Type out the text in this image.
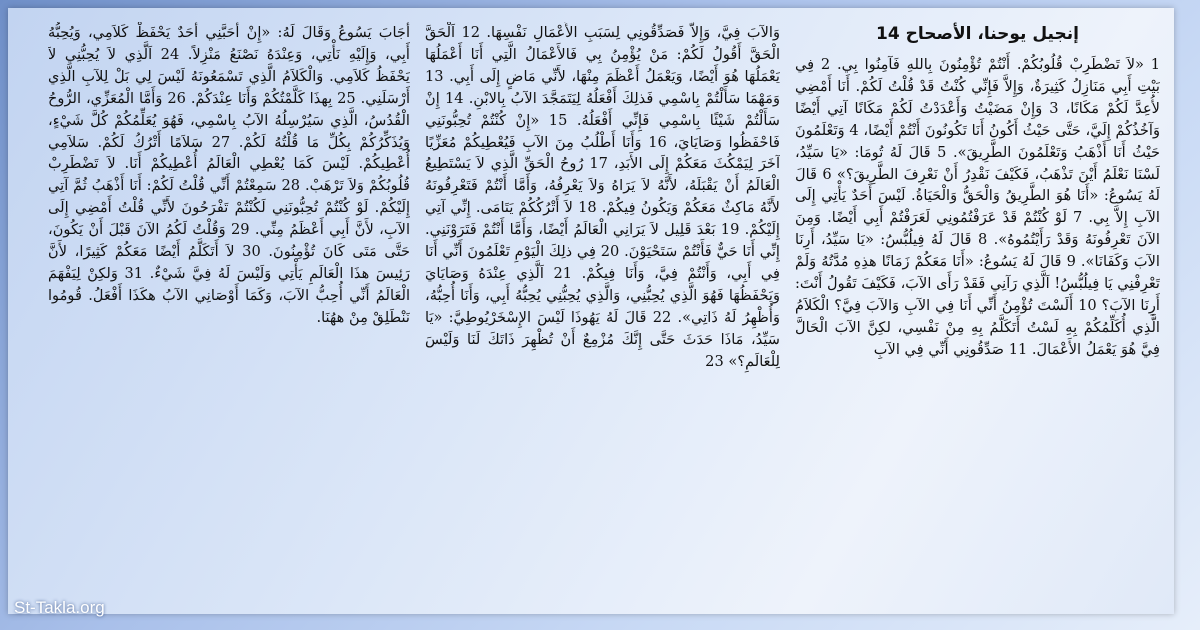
إنجيل يوحنا، الأصحاح 14
1 «لاَ تَضْطَرِبْ قُلُوبُكُمْ. أَنْتُمْ تُؤْمِنُونَ بِاللهِ فَآمِنُوا بِي. 2 فِي بَيْتِ أَبِي مَنَازِلُ كَثِيرَةٌ، وَإِلاَّ فَإِنِّي كُنْتُ قَدْ قُلْتُ لَكُمْ. أَنَا أَمْضِي لأُعِدَّ لَكُمْ مَكَانًا، 3 وَإِنْ مَضَيْتُ وَأَعْدَدْتُ لَكُمْ مَكَانًا آتِي أَيْضًا وَآخُذُكُمْ إِلَيَّ، حَتَّى حَيْثُ أَكُونُ أَنَا تَكُونُونَ أَنْتُمْ أَيْضًا، 4 وَتَعْلَمُونَ حَيْثُ أَنَا أَذْهَبُ وَتَعْلَمُونَ الطَّرِيقَ». 5 قَالَ لَهُ تُومَا: «يَا سَيِّدُ، لَسْنَا نَعْلَمُ أَيْنَ تَذْهَبُ، فَكَيْفَ نَقْدِرُ أَنْ نَعْرِفَ الطَّرِيقَ؟» 6 قَالَ لَهُ يَسُوعُ: «أَنَا هُوَ الطَّرِيقُ وَالْحَقُّ وَالْحَيَاةُ. لَيْسَ أَحَدٌ يَأْتِي إِلَى الآبِ إِلاَّ بِي. 7 لَوْ كُنْتُمْ قَدْ عَرَفْتُمُونِي لَعَرَفْتُمْ أَبِي أَيْضًا. وَمِنَ الآنَ تَعْرِفُونَهُ وَقَدْ رَأَيْتُمُوهُ». 8 قَالَ لَهُ فِيلُبُّسُ: «يَا سَيِّدُ، أَرِنَا الآبَ وَكَفَانَا». 9 قَالَ لَهُ يَسُوعُ: «أَنَا مَعَكُمْ زَمَانًا هذِهِ مُدَّتُهُ وَلَمْ تَعْرِفْنِي يَا فِيلُبُّسُ! اَلَّذِي رَآنِي فَقَدْ رَأَى الآبَ، فَكَيْفَ تَقُولُ أَنْتَ: أَرِنَا الآبَ؟ 10 أَلَسْتَ تُؤْمِنُ أَنِّي أَنَا فِي الآبِ وَالآبَ فِيَّ؟ الْكَلاَمُ الَّذِي أُكَلِّمُكُمْ بِهِ لَسْتُ أَتَكَلَّمُ بِهِ مِنْ نَفْسِي، لكِنَّ الآبَ الْحَالَّ فِيَّ هُوَ يَعْمَلُ الأَعْمَالَ. 11 صَدِّقُونِي أَنِّي فِي الآبِ
وَالآبَ فِيَّ، وَإِلاَّ فَصَدِّقُونِي لِسَبَبِ الأَعْمَالِ نَفْسِهَا. 12 اَلْحَقَّ الْحَقَّ أَقُولُ لَكُمْ: مَنْ يُؤْمِنُ بِي فَالأَعْمَالُ الَّتِي أَنَا أَعْمَلُهَا يَعْمَلُهَا هُوَ أَيْضًا، وَيَعْمَلُ أَعْظَمَ مِنْهَا، لأَنِّي مَاضٍ إِلَى أَبِي. 13 وَمَهْمَا سَأَلْتُمْ بِاسْمِي فَذلِكَ أَفْعَلُهُ لِيَتَمَجَّدَ الآبُ بِالابْنِ. 14 إِنْ سَأَلْتُمْ شَيْئًا بِاسْمِي فَإِنِّي أَفْعَلُهُ. 15 «إِنْ كُنْتُمْ تُحِبُّونَنِي فَاحْفَظُوا وَصَايَايَ، 16 وَأَنَا أَطْلُبُ مِنَ الآبِ فَيُعْطِيكُمْ مُعَزِّيًا آخَرَ لِيَمْكُثَ مَعَكُمْ إِلَى الأَبَدِ، 17 رُوحُ الْحَقِّ الَّذِي لاَ يَسْتَطِيعُ الْعَالَمُ أَنْ يَقْبَلَهُ، لأَنَّهُ لاَ يَرَاهُ وَلاَ يَعْرِفُهُ، وَأَمَّا أَنْتُمْ فَتَعْرِفُونَهُ لأَنَّهُ مَاكِثٌ مَعَكُمْ وَيَكُونُ فِيكُمْ. 18 لاَ أَتْرُكُكُمْ يَتَامَى. إِنِّي آتِي إِلَيْكُمْ. 19 بَعْدَ قَلِيل لاَ يَرَانِي الْعَالَمُ أَيْضًا، وَأَمَّا أَنْتُمْ فَتَرَوْنَنِي. إِنِّي أَنَا حَيٌّ فَأَنْتُمْ سَتَحْيَوْنَ. 20 فِي ذلِكَ الْيَوْمِ تَعْلَمُونَ أَنِّي أَنَا فِي أَبِي، وَأَنْتُمْ فِيَّ، وَأَنَا فِيكُمْ. 21 اَلَّذِي عِنْدَهُ وَصَايَايَ وَيَحْفَظُهَا فَهُوَ الَّذِي يُحِبُّنِي، وَالَّذِي يُحِبُّنِي يُحِبُّهُ أَبِي، وَأَنَا أُحِبُّهُ، وَأُظْهِرُ لَهُ ذَاتِي». 22 قَالَ لَهُ يَهُوذَا لَيْسَ الإِسْخَرْيُوطِيَّ: «يَا سَيِّدُ، مَاذَا حَدَثَ حَتَّى إِنَّكَ مُزْمِعٌ أَنْ تُظْهِرَ ذَاتَكَ لَنَا وَلَيْسَ لِلْعَالَمِ؟» 23
أَجَابَ يَسُوعُ وَقَالَ لَهُ: «إِنْ أَحَبَّنِي أَحَدٌ يَحْفَظْ كَلاَمِي، وَيُحِبُّهُ أَبِي، وَإِلَيْهِ نَأْتِي، وَعِنْدَهُ نَصْنَعُ مَنْزِلاً. 24 اَلَّذِي لاَ يُحِبُّنِي لاَ يَحْفَظُ كَلاَمِي. وَالْكَلاَمُ الَّذِي تَسْمَعُونَهُ لَيْسَ لِي بَلْ لِلآبِ الَّذِي أَرْسَلَنِي. 25 بِهذَا كَلَّمْتُكُمْ وَأَنَا عِنْدَكُمْ. 26 وَأَمَّا الْمُعَزِّي، الرُّوحُ الْقُدُسُ، الَّذِي سَيُرْسِلُهُ الآبُ بِاسْمِي، فَهُوَ يُعَلِّمُكُمْ كُلَّ شَيْءٍ، وَيُذَكِّرُكُمْ بِكُلِّ مَا قُلْتُهُ لَكُمْ. 27 سَلاَمًا أَتْرُكُ لَكُمْ. سَلاَمِي أُعْطِيكُمْ. لَيْسَ كَمَا يُعْطِي الْعَالَمُ أُعْطِيكُمْ أَنَا. لاَ تَضْطَرِبْ قُلُوبُكُمْ وَلاَ تَرْهَبْ. 28 سَمِعْتُمْ أَنِّي قُلْتُ لَكُمْ: أَنَا أَذْهَبُ ثُمَّ آتِي إِلَيْكُمْ. لَوْ كُنْتُمْ تُحِبُّونَنِي لَكُنْتُمْ تَفْرَحُونَ لأَنِّي قُلْتُ أَمْضِي إِلَى الآبِ، لأَنَّ أَبِي أَعْظَمُ مِنِّي. 29 وَقُلْتُ لَكُمُ الآنَ قَبْلَ أَنْ يَكُونَ، حَتَّى مَتَى كَانَ تُؤْمِنُونَ. 30 لاَ أَتَكَلَّمُ أَيْضًا مَعَكُمْ كَثِيرًا، لأَنَّ رَئِيسَ هذَا الْعَالَمِ يَأْتِي وَلَيْسَ لَهُ فِيَّ شَيْءٌ. 31 وَلكِنْ لِيَفْهَمَ الْعَالَمُ أَنِّي أُحِبُّ الآبَ، وَكَمَا أَوْصَانِي الآبُ هكَذَا أَفْعَلُ. قُومُوا نَنْطَلِقْ مِنْ ههُنَا.
St-Takla.org
